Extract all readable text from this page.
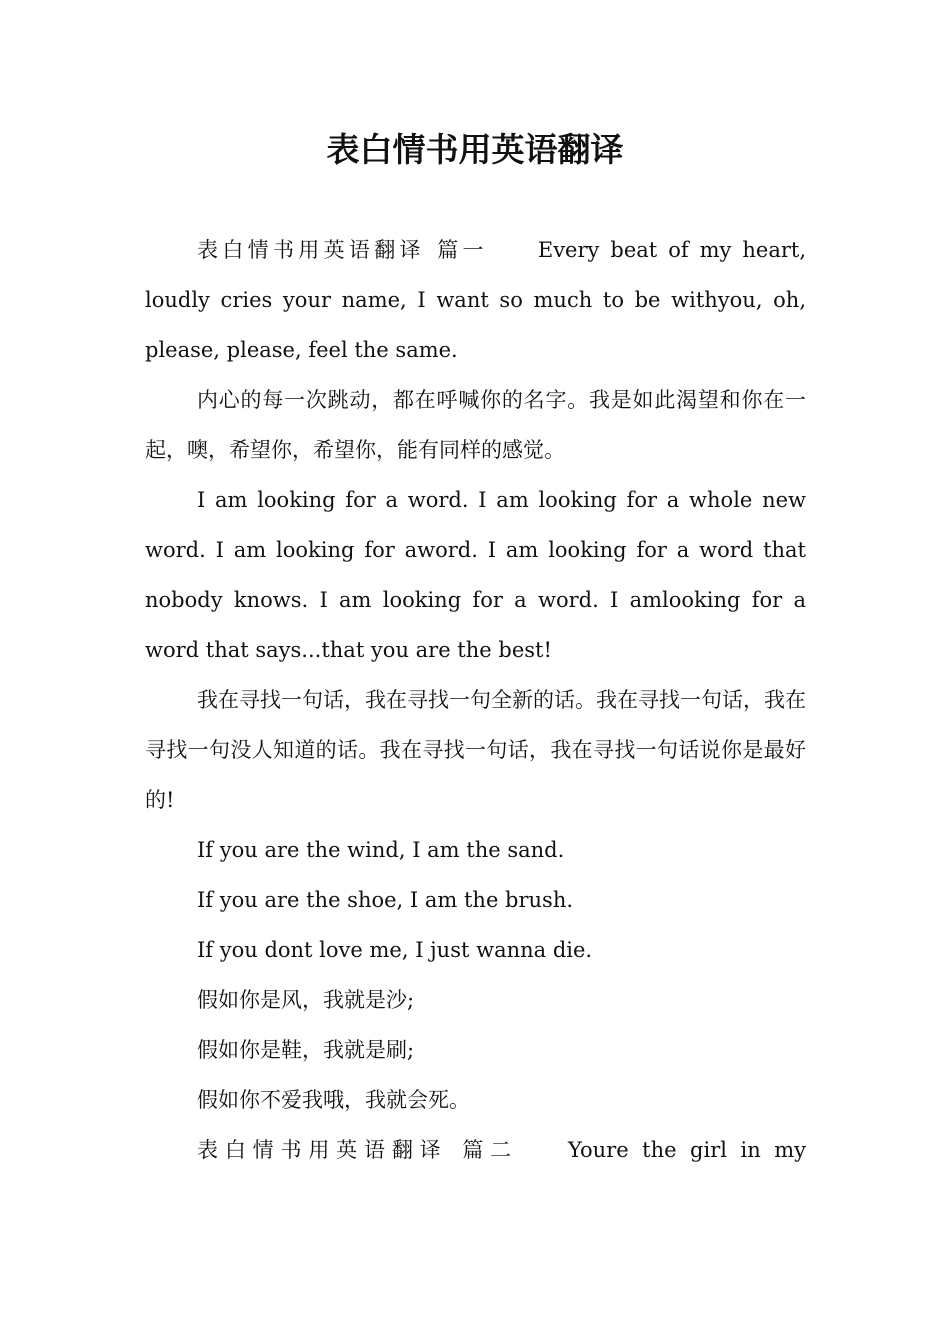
表白情书用英语翻译

表白情书用英语翻译 篇一 Every beat of my heart, loudly cries your name, I want so much to be withyou, oh, please, please, feel the same.

内心的每一次跳动，都在呼喊你的名字。我是如此渴望和你在一起，噢，希望你，希望你，能有同样的感觉。

I am looking for a word. I am looking for a whole new word. I am looking for aword. I am looking for a word that nobody knows. I am looking for a word. I amlooking for a word that says...that you are the best!

我在寻找一句话，我在寻找一句全新的话。我在寻找一句话，我在寻找一句没人知道的话。我在寻找一句话，我在寻找一句话说你是最好的!

If you are the wind, I am the sand.

If you are the shoe, I am the brush.

If you dont love me, I just wanna die.

假如你是风，我就是沙;

假如你是鞋，我就是刷;

假如你不爱我哦，我就会死。

表白情书用英语翻译 篇二 Youre the girl in my
